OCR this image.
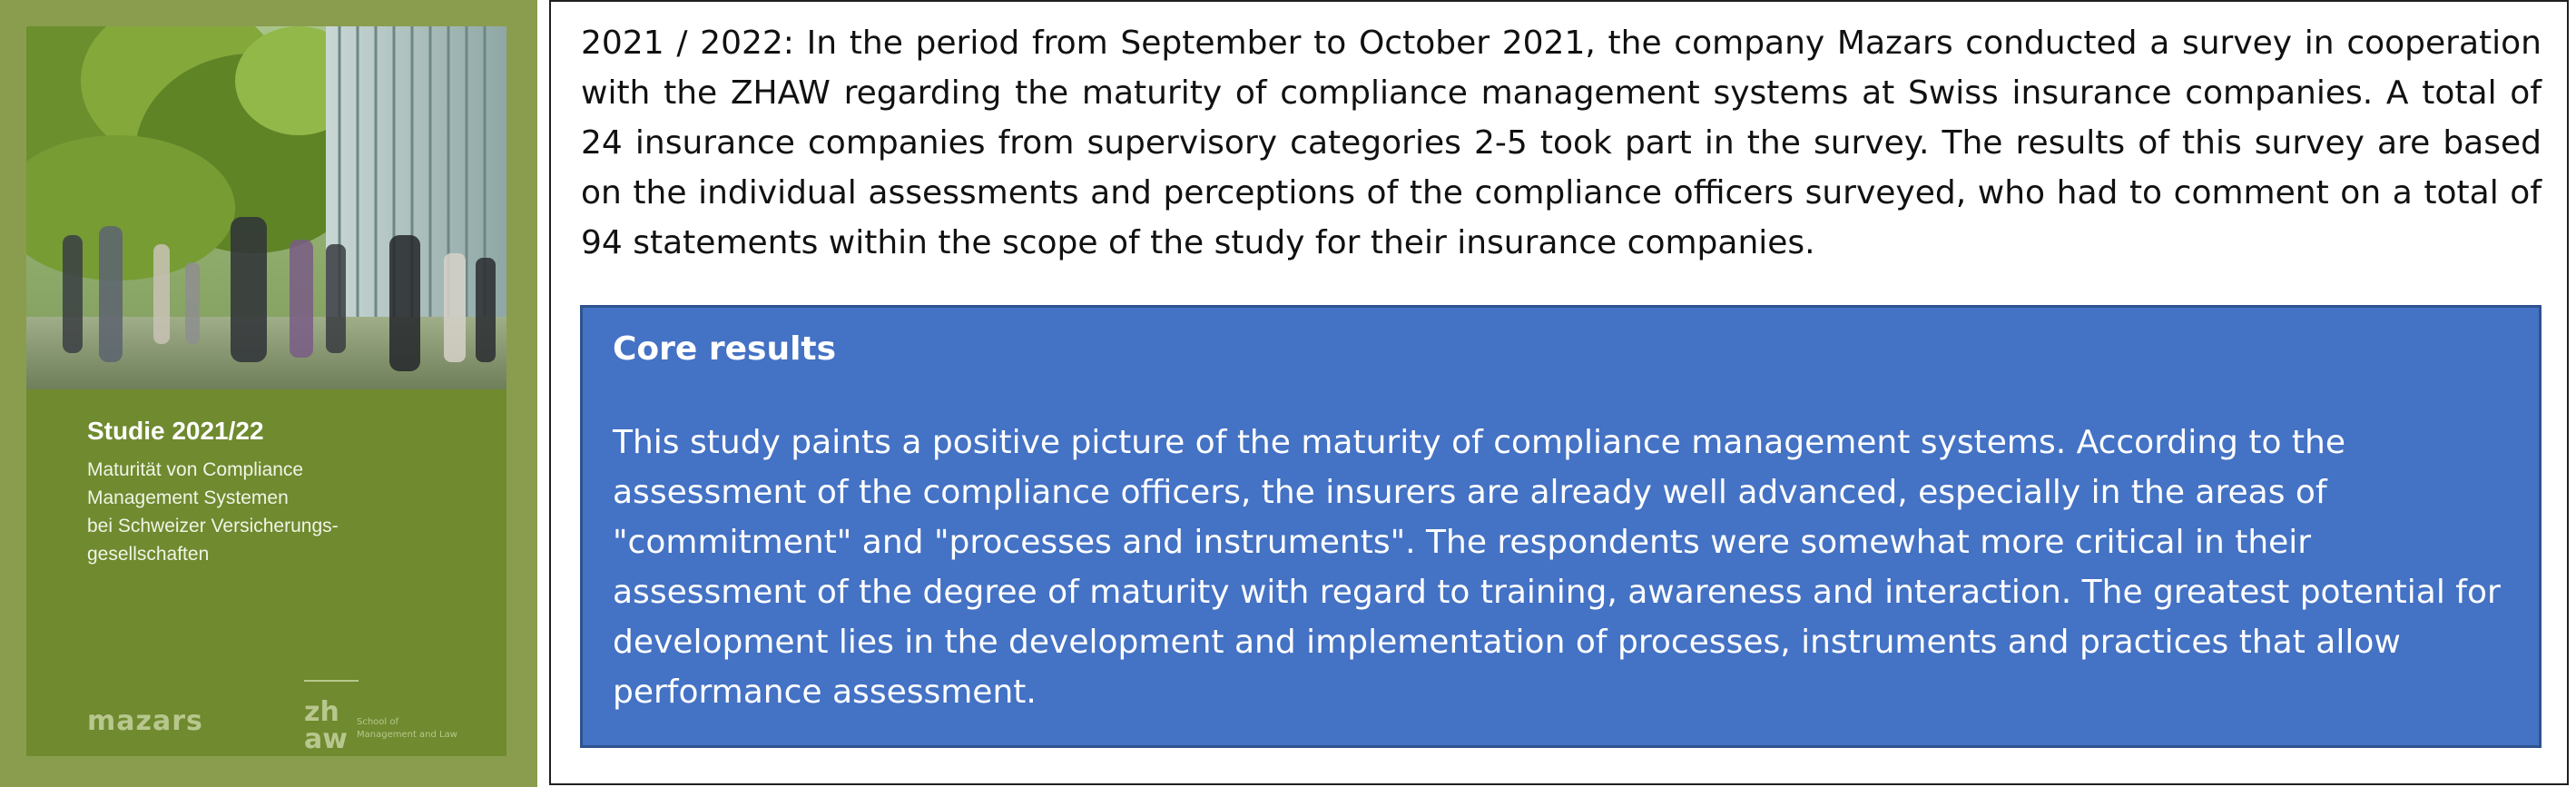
Studie 2021/22
Maturität von Compliance
Management Systemen
bei Schweizer Versicherungs-
gesellschaften
mazars	zh
aw
School of
Management and Law

2021 / 2022: In the period from September to October 2021, the company Mazars conducted a survey in cooperation with the ZHAW regarding the maturity of compliance management systems at Swiss insurance companies. A total of 24 insurance companies from supervisory categories 2-5 took part in the survey. The results of this survey are based on the individual assessments and perceptions of the compliance officers surveyed, who had to comment on a total of 94 statements within the scope of the study for their insurance companies.

Core results

This study paints a positive picture of the maturity of compliance management systems. According to the assessment of the compliance officers, the insurers are already well advanced, especially in the areas of "commitment" and "processes and instruments". The respondents were somewhat more critical in their assessment of the degree of maturity with regard to training, awareness and interaction. The greatest potential for development lies in the development and implementation of processes, instruments and practices that allow performance assessment.
